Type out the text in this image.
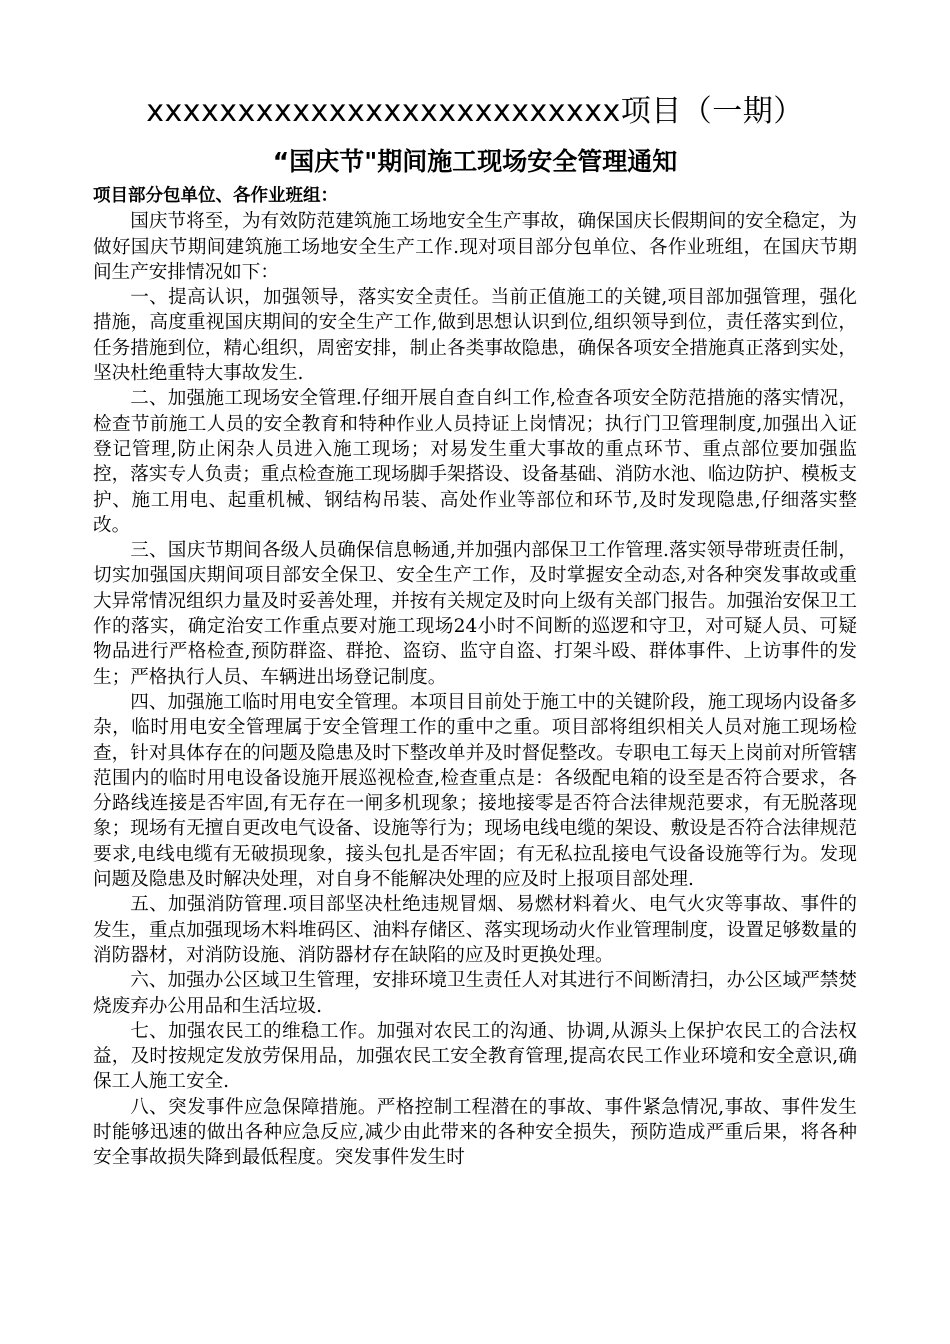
xxxxxxxxxxxxxxxxxxxxxxxxxx项目（一期）
“国庆节"期间施工现场安全管理通知
项目部分包单位、各作业班组：

国庆节将至，为有效防范建筑施工场地安全生产事故，确保国庆长假期间的安全稳定，为做好国庆节期间建筑施工场地安全生产工作.现对项目部分包单位、各作业班组，在国庆节期间生产安排情况如下：

一、提高认识，加强领导，落实安全责任。当前正值施工的关键,项目部加强管理，强化措施，高度重视国庆期间的安全生产工作,做到思想认识到位,组织领导到位，责任落实到位，任务措施到位，精心组织，周密安排，制止各类事故隐患，确保各项安全措施真正落到实处，坚决杜绝重特大事故发生.

二、加强施工现场安全管理.仔细开展自查自纠工作,检查各项安全防范措施的落实情况，检查节前施工人员的安全教育和特种作业人员持证上岗情况；执行门卫管理制度,加强出入证登记管理,防止闲杂人员进入施工现场；对易发生重大事故的重点环节、重点部位要加强监控，落实专人负责；重点检查施工现场脚手架搭设、设备基础、消防水池、临边防护、模板支护、施工用电、起重机械、钢结构吊装、高处作业等部位和环节,及时发现隐患,仔细落实整改。

三、国庆节期间各级人员确保信息畅通,并加强内部保卫工作管理.落实领导带班责任制，切实加强国庆期间项目部安全保卫、安全生产工作，及时掌握安全动态,对各种突发事故或重大异常情况组织力量及时妥善处理，并按有关规定及时向上级有关部门报告。加强治安保卫工作的落实，确定治安工作重点要对施工现场24小时不间断的巡逻和守卫，对可疑人员、可疑物品进行严格检查,预防群盗、群抢、盗窃、监守自盗、打架斗殴、群体事件、上访事件的发生；严格执行人员、车辆进出场登记制度。

四、加强施工临时用电安全管理。本项目目前处于施工中的关键阶段，施工现场内设备多杂，临时用电安全管理属于安全管理工作的重中之重。项目部将组织相关人员对施工现场检查，针对具体存在的问题及隐患及时下整改单并及时督促整改。专职电工每天上岗前对所管辖范围内的临时用电设备设施开展巡视检查,检查重点是：各级配电箱的设至是否符合要求，各分路线连接是否牢固,有无存在一闸多机现象；接地接零是否符合法律规范要求，有无脱落现象；现场有无擅自更改电气设备、设施等行为；现场电线电缆的架设、敷设是否符合法律规范要求,电线电缆有无破损现象，接头包扎是否牢固；有无私拉乱接电气设备设施等行为。发现问题及隐患及时解决处理，对自身不能解决处理的应及时上报项目部处理.

五、加强消防管理.项目部坚决杜绝违规冒烟、易燃材料着火、电气火灾等事故、事件的发生，重点加强现场木料堆码区、油料存储区、落实现场动火作业管理制度，设置足够数量的消防器材，对消防设施、消防器材存在缺陷的应及时更换处理。

六、加强办公区域卫生管理，安排环境卫生责任人对其进行不间断清扫，办公区域严禁焚烧废弃办公用品和生活垃圾.

七、加强农民工的维稳工作。加强对农民工的沟通、协调,从源头上保护农民工的合法权益，及时按规定发放劳保用品，加强农民工安全教育管理,提高农民工作业环境和安全意识,确保工人施工安全.

八、突发事件应急保障措施。严格控制工程潜在的事故、事件紧急情况,事故、事件发生时能够迅速的做出各种应急反应,减少由此带来的各种安全损失，预防造成严重后果，将各种安全事故损失降到最低程度。突发事件发生时
